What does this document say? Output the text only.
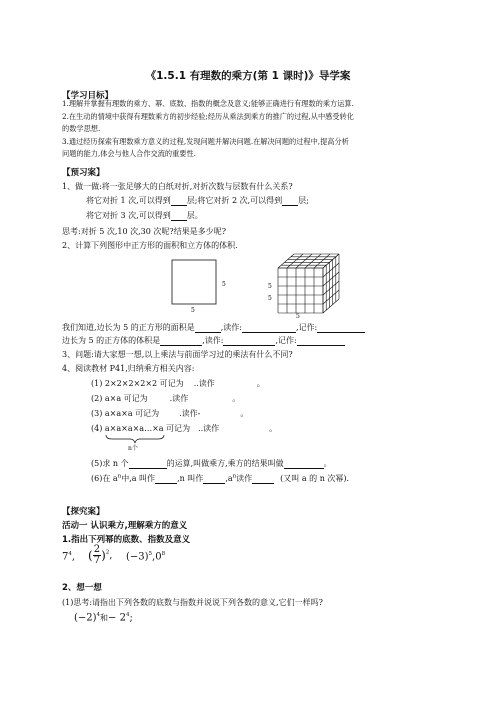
《1.5.1 有理数的乘方(第 1 课时)》导学案
【学习目标】
1.理解并掌握有理数的乘方、幂、底数、指数的概念及意义;能够正确进行有理数的乘方运算.
2.在生动的情境中获得有理数乘方的初步经验;经历从乘法到乘方的推广的过程,从中感受转化
的数学思想.
3.通过经历探索有理数乘方意义的过程,发现问题并解决问题.在解决问题的过程中,提高分析
问题的能力,体会与他人合作交流的重要性.
【预习案】
1、做一做:将一张足够大的白纸对折,对折次数与层数有什么关系?
将它对折 1 次,可以得到 层;将它对折 2 次,可以得到 层;
将它对折 3 次,可以得到 层。
思考:对折 5 次,10 次,30 次呢?结果是多少呢?
2、计算下列图形中正方形的面积和立方体的体积.
5
5
5
5
5
我们知道,边长为 5 的正方形的面积是	,读作:	,记作:
边长为 5 的正方体的体积是	,读作:	,记作:
3、问题:请大家想一想,以上乘法与前面学习过的乘法有什么不同?
4、阅读教材 P41,归纳乘方相关内容:
(1) 2×2×2×2×2 可记为 ..读作	。
(2) a×a 可记为	.读作	。
(3) a×a×a 可记为	.读作-	。
(4) a×a×a×a…×a 可记为 ..读作	。
n个
(5)求 n 个	的运算,叫做乘方,乘方的结果叫做	。
(6)在 $a^n$中,a 叫作	,n 叫作	$,a^n$读作	(又叫 a 的 n 次幂).
【探究案】
活动一 认识乘方,理解乘方的意义
1.指出下列幂的底数、指数及意义
$7^4$, ( $\frac{2}{7} )^2$, $(-3)^5,0^8$
2、想一想
(1)思考:请指出下列各数的底数与指数并说说下列各数的意义,它们一样吗?
$(-2)^4$和− $2^4$;
